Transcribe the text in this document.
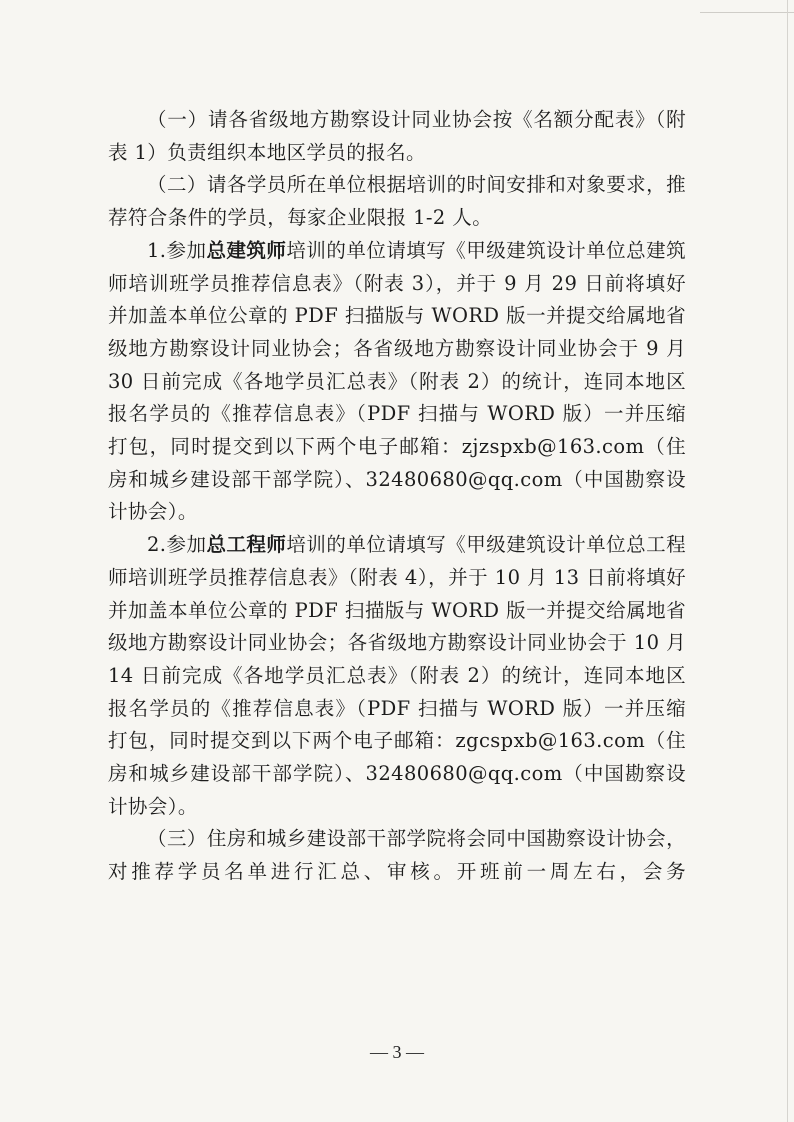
（一）请各省级地方勘察设计同业协会按《名额分配表》（附表 1）负责组织本地区学员的报名。

（二）请各学员所在单位根据培训的时间安排和对象要求，推荐符合条件的学员，每家企业限报 1-2 人。

1.参加总建筑师培训的单位请填写《甲级建筑设计单位总建筑师培训班学员推荐信息表》（附表 3），并于 9 月 29 日前将填好并加盖本单位公章的 PDF 扫描版与 WORD 版一并提交给属地省级地方勘察设计同业协会；各省级地方勘察设计同业协会于 9 月 30 日前完成《各地学员汇总表》（附表 2）的统计，连同本地区报名学员的《推荐信息表》（PDF 扫描与 WORD 版）一并压缩打包，同时提交到以下两个电子邮箱：zjzspxb@163.com（住房和城乡建设部干部学院）、32480680@qq.com（中国勘察设计协会）。

2.参加总工程师培训的单位请填写《甲级建筑设计单位总工程师培训班学员推荐信息表》（附表 4），并于 10 月 13 日前将填好并加盖本单位公章的 PDF 扫描版与 WORD 版一并提交给属地省级地方勘察设计同业协会；各省级地方勘察设计同业协会于 10 月 14 日前完成《各地学员汇总表》（附表 2）的统计，连同本地区报名学员的《推荐信息表》（PDF 扫描与 WORD 版）一并压缩打包，同时提交到以下两个电子邮箱：zgcspxb@163.com（住房和城乡建设部干部学院）、32480680@qq.com（中国勘察设计协会）。

（三）住房和城乡建设部干部学院将会同中国勘察设计协会，对推荐学员名单进行汇总、审核。开班前一周左右，会务

— 3 —
